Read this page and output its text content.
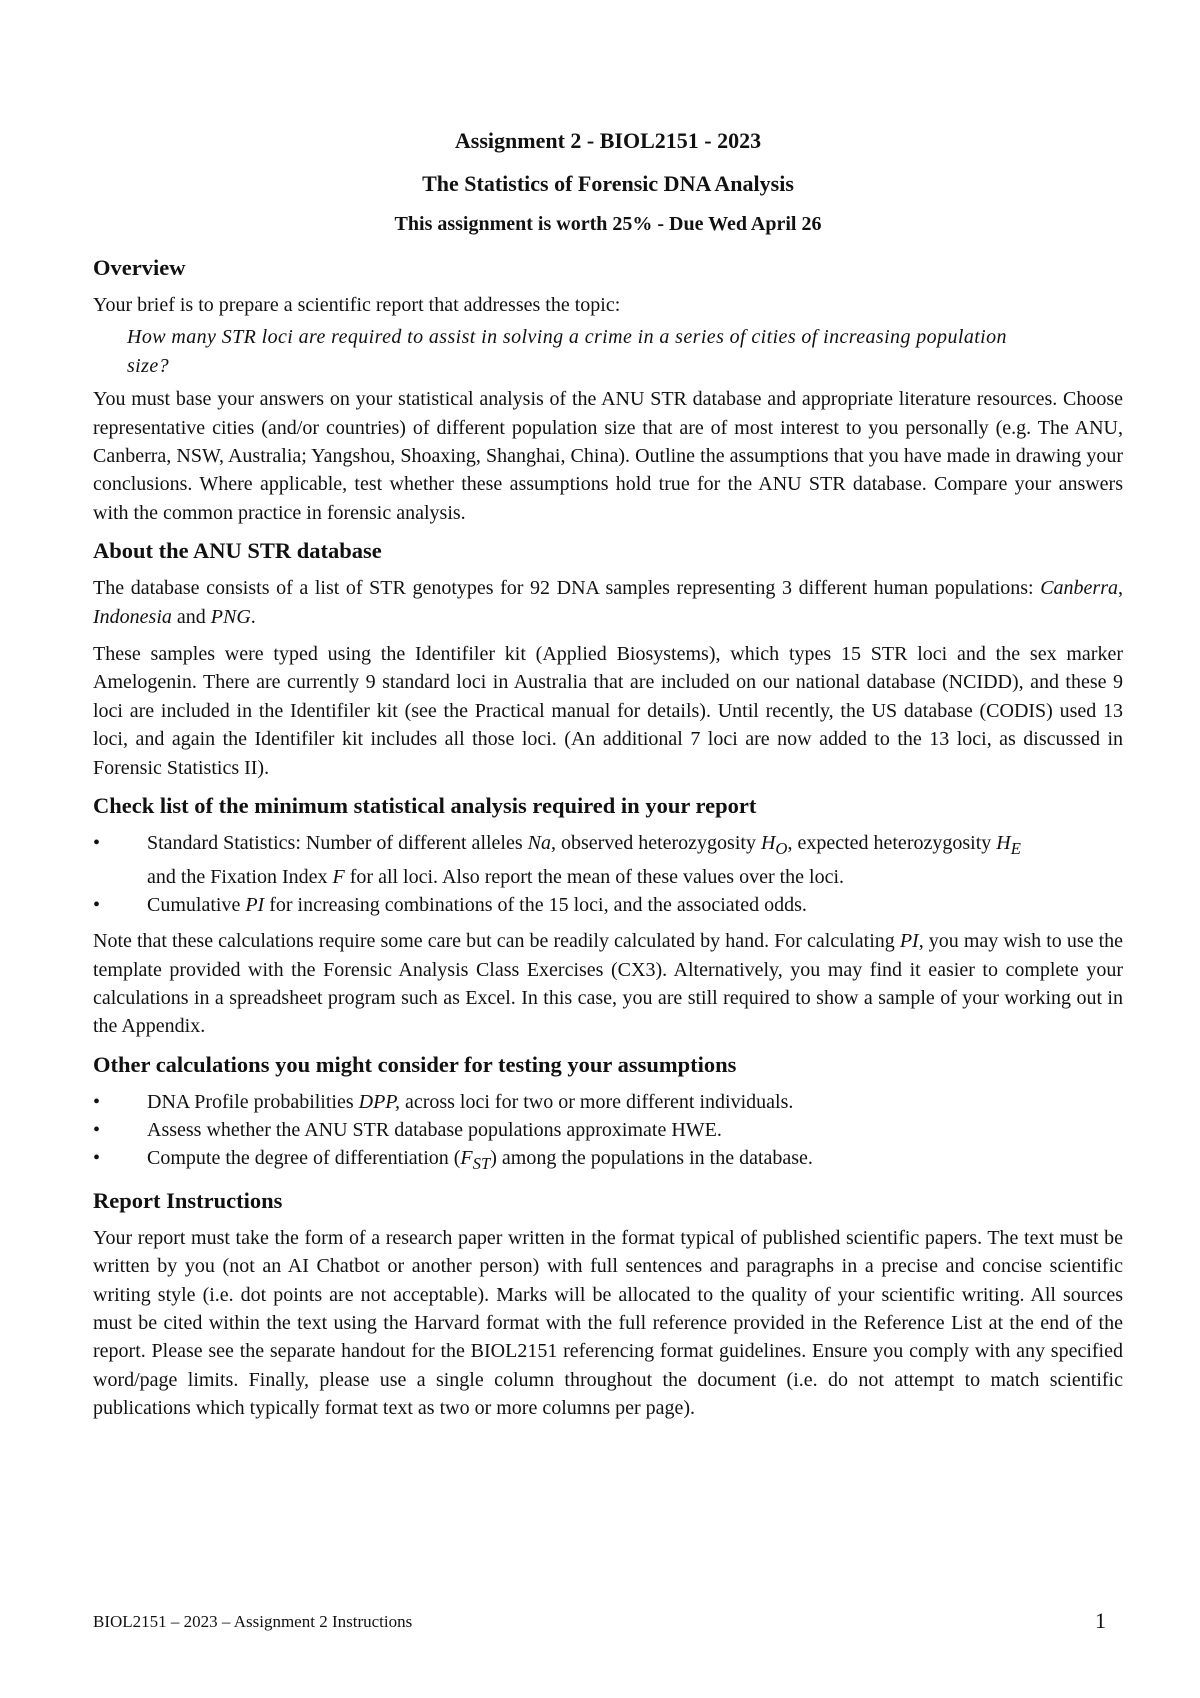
Assignment 2 - BIOL2151 - 2023
The Statistics of Forensic DNA Analysis
This assignment is worth 25% - Due Wed April 26
Overview

Your brief is to prepare a scientific report that addresses the topic:

How many STR loci are required to assist in solving a crime in a series of cities of increasing population size?

You must base your answers on your statistical analysis of the ANU STR database and appropriate literature resources. Choose representative cities (and/or countries) of different population size that are of most interest to you personally (e.g. The ANU, Canberra, NSW, Australia; Yangshou, Shoaxing, Shanghai, China). Outline the assumptions that you have made in drawing your conclusions. Where applicable, test whether these assumptions hold true for the ANU STR database. Compare your answers with the common practice in forensic analysis.

About the ANU STR database

The database consists of a list of STR genotypes for 92 DNA samples representing 3 different human populations: Canberra, Indonesia and PNG.

These samples were typed using the Identifiler kit (Applied Biosystems), which types 15 STR loci and the sex marker Amelogenin. There are currently 9 standard loci in Australia that are included on our national database (NCIDD), and these 9 loci are included in the Identifiler kit (see the Practical manual for details). Until recently, the US database (CODIS) used 13 loci, and again the Identifiler kit includes all those loci. (An additional 7 loci are now added to the 13 loci, as discussed in Forensic Statistics II).

Check list of the minimum statistical analysis required in your report
•	Standard Statistics: Number of different alleles Na, observed heterozygosity $H_O$, expected heterozygosity $H_E$ and the Fixation Index F for all loci. Also report the mean of these values over the loci.
•	Cumulative PI for increasing combinations of the 15 loci, and the associated odds.

Note that these calculations require some care but can be readily calculated by hand. For calculating PI, you may wish to use the template provided with the Forensic Analysis Class Exercises (CX3). Alternatively, you may find it easier to complete your calculations in a spreadsheet program such as Excel. In this case, you are still required to show a sample of your working out in the Appendix.

Other calculations you might consider for testing your assumptions
•	DNA Profile probabilities DPP, across loci for two or more different individuals.
•	Assess whether the ANU STR database populations approximate HWE.
•	Compute the degree of differentiation $(F_{ST})$ among the populations in the database.
Report Instructions

Your report must take the form of a research paper written in the format typical of published scientific papers. The text must be written by you (not an AI Chatbot or another person) with full sentences and paragraphs in a precise and concise scientific writing style (i.e. dot points are not acceptable). Marks will be allocated to the quality of your scientific writing. All sources must be cited within the text using the Harvard format with the full reference provided in the Reference List at the end of the report. Please see the separate handout for the BIOL2151 referencing format guidelines. Ensure you comply with any specified word/page limits. Finally, please use a single column throughout the document (i.e. do not attempt to match scientific publications which typically format text as two or more columns per page).

BIOL2151 – 2023 – Assignment 2 Instructions	1
